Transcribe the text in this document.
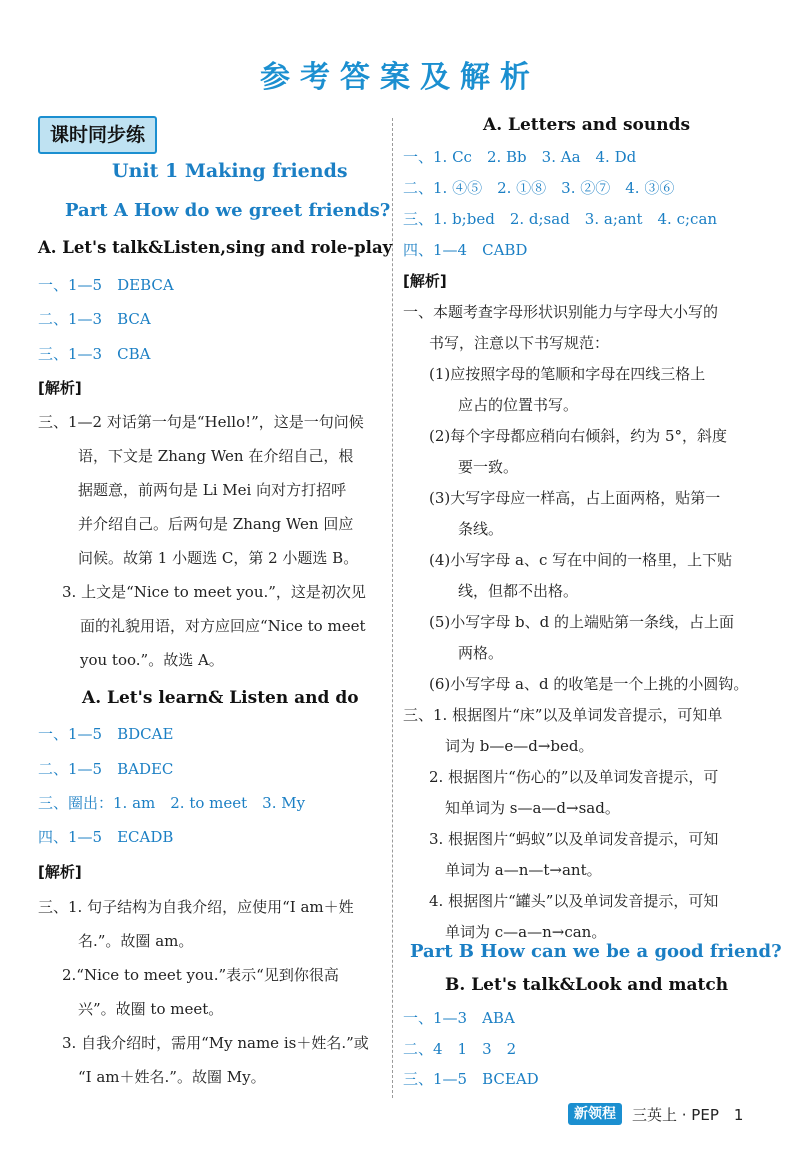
参考答案及解析
课时同步练
Unit 1 Making friends
Part A How do we greet friends?
A. Let's talk&Listen,sing and role-play
一、1—5　DEBCA
二、1—3　BCA
三、1—3　CBA
[解析]
三、1—2 对话第一句是“Hello!”，这是一句问候
语，下文是 Zhang Wen 在介绍自己，根
据题意，前两句是 Li Mei 向对方打招呼
并介绍自己。后两句是 Zhang Wen 回应
问候。故第 1 小题选 C，第 2 小题选 B。
3. 上文是“Nice to meet you.”，这是初次见
面的礼貌用语，对方应回应“Nice to meet
you too.”。故选 A。
A. Let's learn& Listen and do
一、1—5　BDCAE
二、1—5　BADEC
三、圈出：1. am　2. to meet　3. My
四、1—5　ECADB
[解析]
三、1. 句子结构为自我介绍，应使用“I am＋姓
名.”。故圈 am。
2.“Nice to meet you.”表示“见到你很高
兴”。故圈 to meet。
3. 自我介绍时，需用“My name is＋姓名.”或
“I am＋姓名.”。故圈 My。
A. Letters and sounds
一、1. Cc　2. Bb　3. Aa　4. Dd
二、1. ④⑤　2. ①⑧　3. ②⑦　4. ③⑥
三、1. b;bed　2. d;sad　3. a;ant　4. c;can
四、1—4　CABD
[解析]
一、本题考查字母形状识别能力与字母大小写的
书写，注意以下书写规范：
(1)应按照字母的笔顺和字母在四线三格上
应占的位置书写。
(2)每个字母都应稍向右倾斜，约为 5°，斜度
要一致。
(3)大写字母应一样高，占上面两格，贴第一
条线。
(4)小写字母 a、c 写在中间的一格里，上下贴
线，但都不出格。
(5)小写字母 b、d 的上端贴第一条线，占上面
两格。
(6)小写字母 a、d 的收笔是一个上挑的小圆钩。
三、1. 根据图片“床”以及单词发音提示，可知单
词为 b—e—d→bed。
2. 根据图片“伤心的”以及单词发音提示，可
知单词为 s—a—d→sad。
3. 根据图片“蚂蚁”以及单词发音提示，可知
单词为 a—n—t→ant。
4. 根据图片“罐头”以及单词发音提示，可知
单词为 c—a—n→can。
Part B How can we be a good friend?
B. Let's talk&Look and match
一、1—3　ABA
二、4　1　3　2
三、1—5　BCEAD
新领程	三英上 · PEP　1
